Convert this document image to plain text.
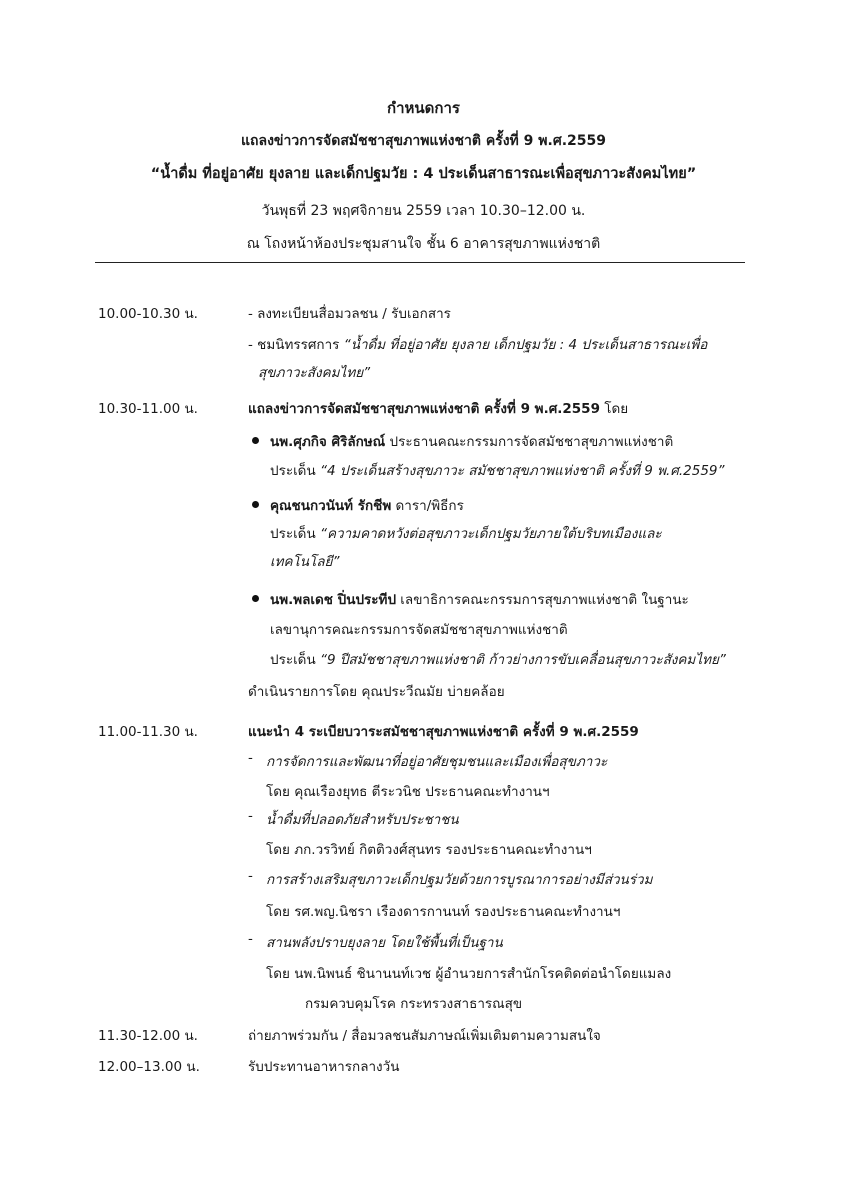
กำหนดการ
แถลงข่าวการจัดสมัชชาสุขภาพแห่งชาติ ครั้งที่ 9 พ.ศ.2559
“น้ำดื่ม ที่อยู่อาศัย ยุงลาย และเด็กปฐมวัย : 4 ประเด็นสาธารณะเพื่อสุขภาวะสังคมไทย”
วันพุธที่ 23 พฤศจิกายน 2559 เวลา 10.30–12.00 น.
ณ โถงหน้าห้องประชุมสานใจ ชั้น 6 อาคารสุขภาพแห่งชาติ
10.00-10.30 น.	- ลงทะเบียนสื่อมวลชน / รับเอกสาร
- ชมนิทรรศการ “น้ำดื่ม ที่อยู่อาศัย ยุงลาย เด็กปฐมวัย : 4 ประเด็นสาธารณะเพื่อ
สุขภาวะสังคมไทย”
10.30-11.00 น.	แถลงข่าวการจัดสมัชชาสุขภาพแห่งชาติ ครั้งที่ 9 พ.ศ.2559 โดย
นพ.ศุภกิจ ศิริลักษณ์ ประธานคณะกรรมการจัดสมัชชาสุขภาพแห่งชาติ
ประเด็น “4 ประเด็นสร้างสุขภาวะ สมัชชาสุขภาพแห่งชาติ ครั้งที่ 9 พ.ศ.2559”
คุณชนกวนันท์ รักชีพ ดารา/พิธีกร
ประเด็น “ความคาดหวังต่อสุขภาวะเด็กปฐมวัยภายใต้บริบทเมืองและ
เทคโนโลยี”
นพ.พลเดช ปิ่นประทีป เลขาธิการคณะกรรมการสุขภาพแห่งชาติ ในฐานะ
เลขานุการคณะกรรมการจัดสมัชชาสุขภาพแห่งชาติ
ประเด็น “9 ปีสมัชชาสุขภาพแห่งชาติ ก้าวย่างการขับเคลื่อนสุขภาวะสังคมไทย”
ดำเนินรายการโดย คุณประวีณมัย บ่ายคล้อย
11.00-11.30 น.	แนะนำ 4 ระเบียบวาระสมัชชาสุขภาพแห่งชาติ ครั้งที่ 9 พ.ศ.2559
- การจัดการและพัฒนาที่อยู่อาศัยชุมชนและเมืองเพื่อสุขภาวะ
โดย คุณเรืองยุทธ ตีระวนิช ประธานคณะทำงานฯ
- น้ำดื่มที่ปลอดภัยสำหรับประชาชน
โดย ภก.วรวิทย์ กิตติวงศ์สุนทร รองประธานคณะทำงานฯ
- การสร้างเสริมสุขภาวะเด็กปฐมวัยด้วยการบูรณาการอย่างมีส่วนร่วม
โดย รศ.พญ.นิชรา เรืองดารกานนท์ รองประธานคณะทำงานฯ
- สานพลังปราบยุงลาย โดยใช้พื้นที่เป็นฐาน
โดย นพ.นิพนธ์ ชินานนท์เวช ผู้อำนวยการสำนักโรคติดต่อนำโดยแมลง
กรมควบคุมโรค กระทรวงสาธารณสุข
11.30-12.00 น.	ถ่ายภาพร่วมกัน / สื่อมวลชนสัมภาษณ์เพิ่มเติมตามความสนใจ
12.00–13.00 น.	รับประทานอาหารกลางวัน
